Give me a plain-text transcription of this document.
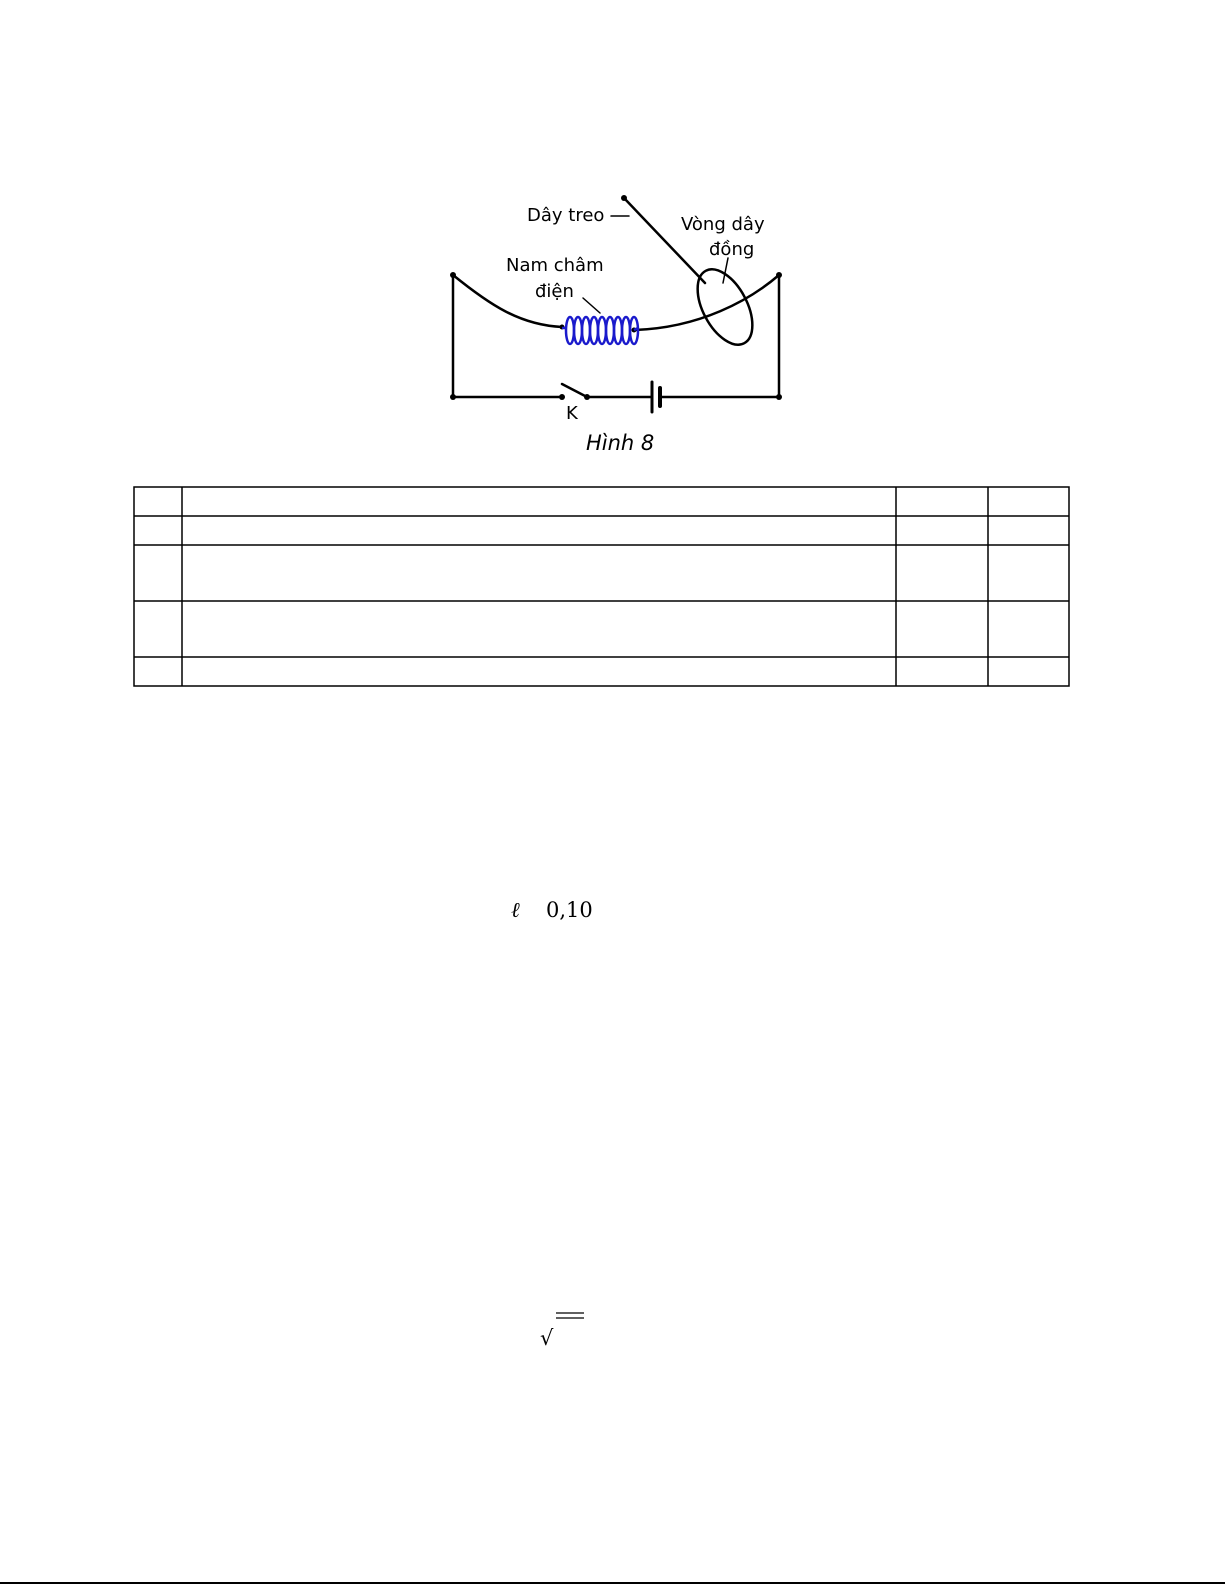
Dây treo	Vòng dây
đồng
Nam châm
điện
K
Hình 8
ℓ 0,10
√
